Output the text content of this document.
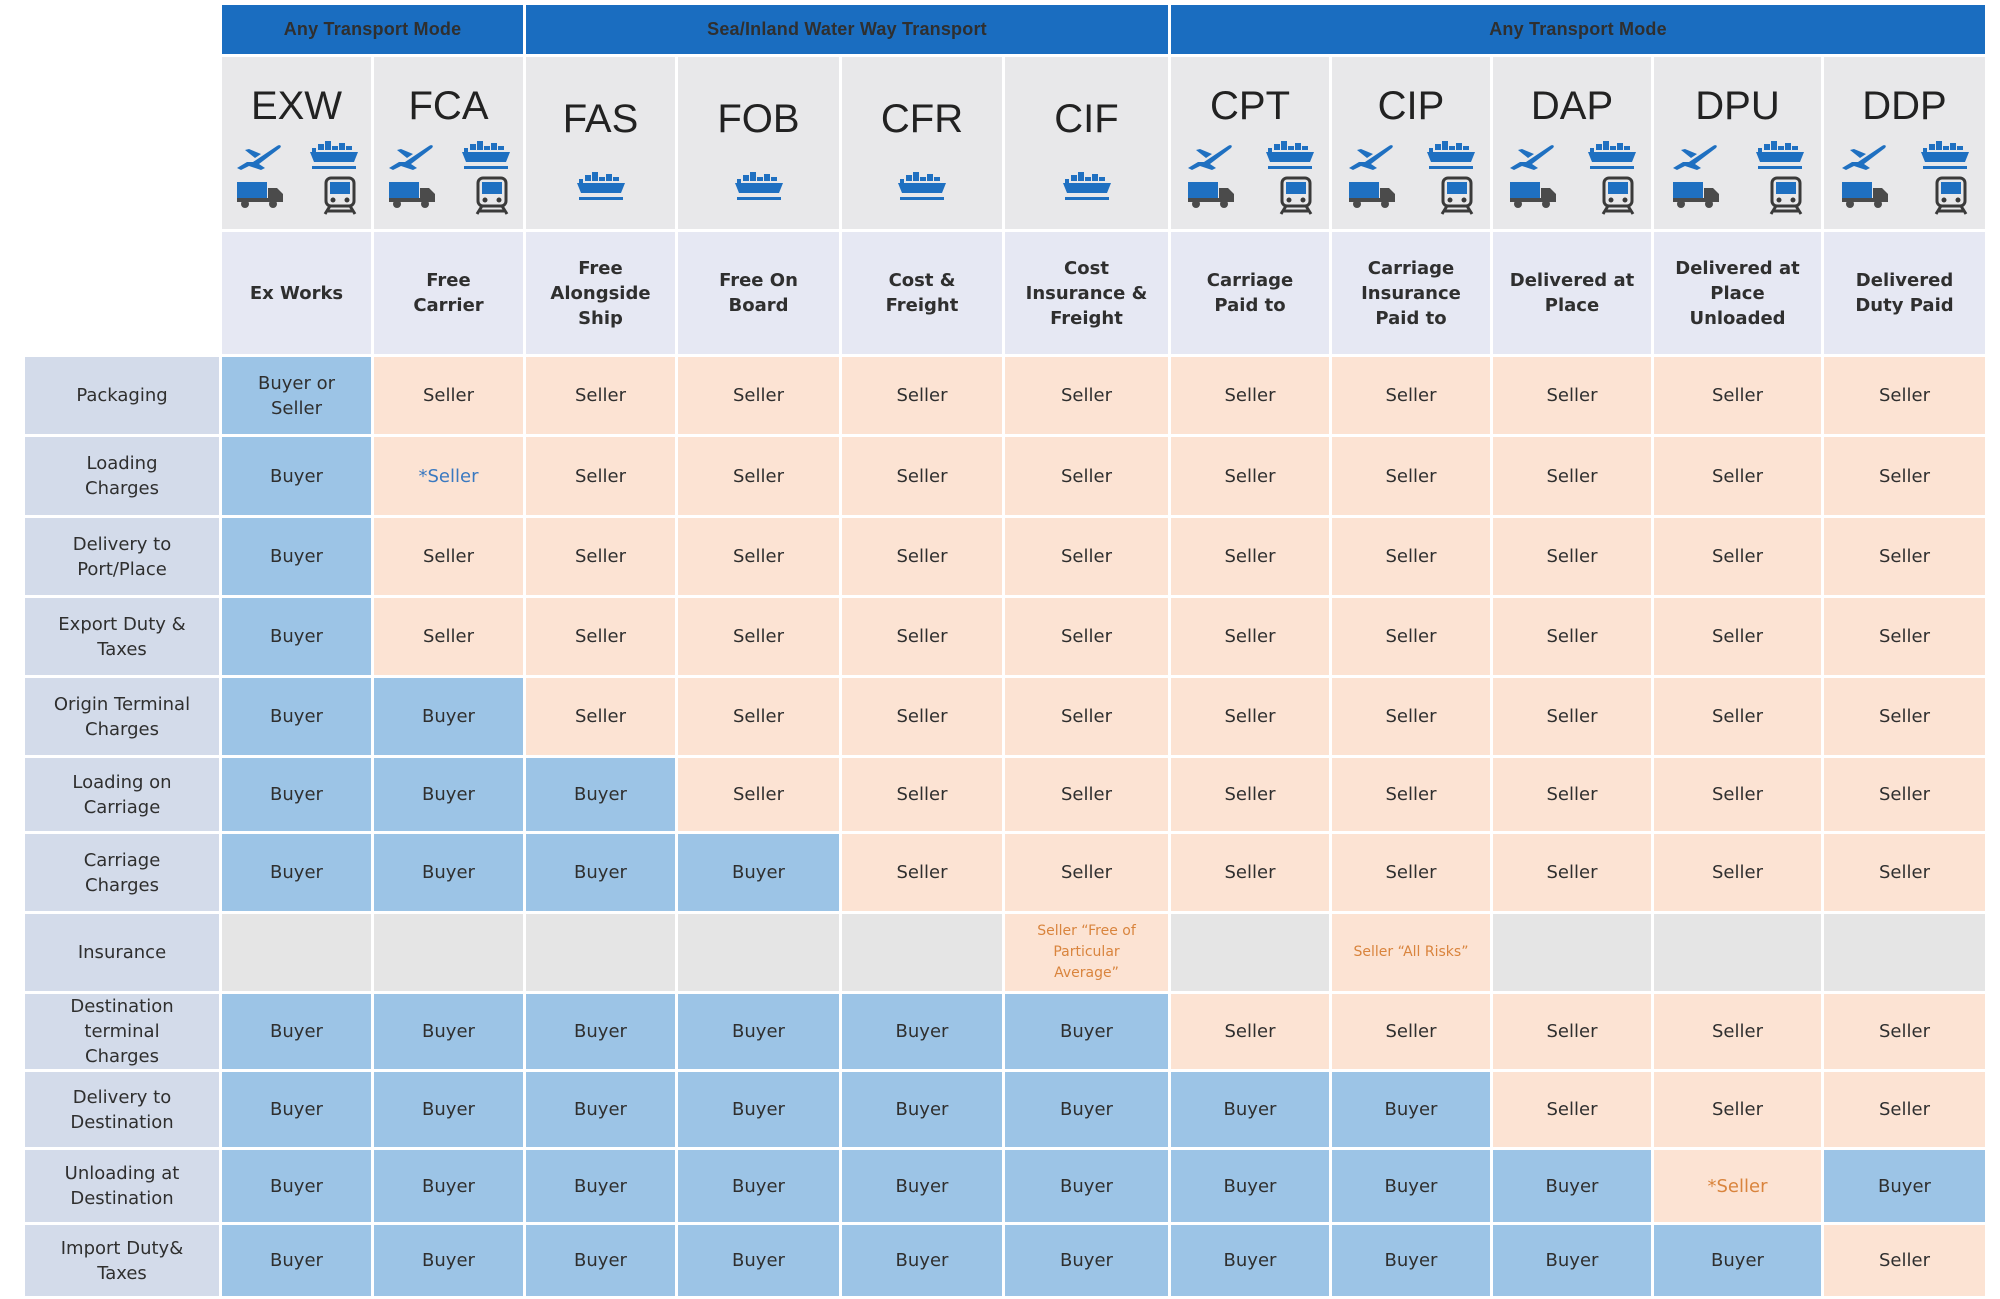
	Any Transport Mode		Sea/Inland Water Way Transport				Any Transport Mode				

	EXW	FCA	FAS	FOB	CFR	CIF	CPT	CIP	DAP	DPU	DDP

	Ex Works	Free Carrier	Free Alongside Ship	Free On Board	Cost & Freight	Cost Insurance & Freight	Carriage Paid to	Carriage Insurance Paid to	Delivered at Place	Delivered at Place Unloaded	Delivered Duty Paid

Packaging	Buyer or Seller	Seller	Seller	Seller	Seller	Seller	Seller	Seller	Seller	Seller	Seller

Loading Charges	Buyer	*Seller	Seller	Seller	Seller	Seller	Seller	Seller	Seller	Seller	Seller

Delivery to Port/Place	Buyer	Seller	Seller	Seller	Seller	Seller	Seller	Seller	Seller	Seller	Seller

Export Duty & Taxes	Buyer	Seller	Seller	Seller	Seller	Seller	Seller	Seller	Seller	Seller	Seller

Origin Terminal Charges	Buyer	Buyer	Seller	Seller	Seller	Seller	Seller	Seller	Seller	Seller	Seller

Loading on Carriage	Buyer	Buyer	Buyer	Seller	Seller	Seller	Seller	Seller	Seller	Seller	Seller

Carriage Charges	Buyer	Buyer	Buyer	Buyer	Seller	Seller	Seller	Seller	Seller	Seller	Seller

Insurance						Seller “Free of Particular Average”		Seller “All Risks”			

Destination terminal Charges	Buyer	Buyer	Buyer	Buyer	Buyer	Buyer	Seller	Seller	Seller	Seller	Seller

Delivery to Destination	Buyer	Buyer	Buyer	Buyer	Buyer	Buyer	Buyer	Buyer	Seller	Seller	Seller

Unloading at Destination	Buyer	Buyer	Buyer	Buyer	Buyer	Buyer	Buyer	Buyer	Buyer	*Seller	Buyer

Import Duty& Taxes	Buyer	Buyer	Buyer	Buyer	Buyer	Buyer	Buyer	Buyer	Buyer	Buyer	Seller
